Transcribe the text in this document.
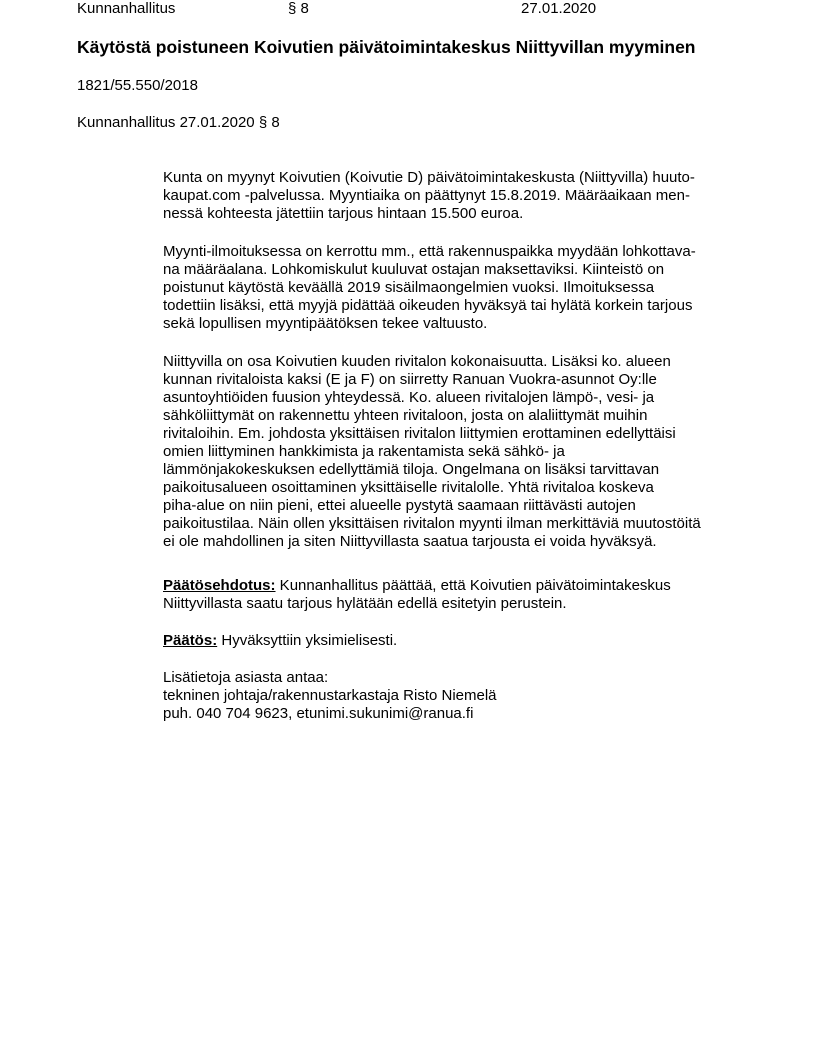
Kunnanhallitus	§ 8	27.01.2020
Käytöstä poistuneen Koivutien päivätoimintakeskus Niittyvillan myyminen
1821/55.550/2018
Kunnanhallitus 27.01.2020 § 8
Kunta on myynyt Koivutien (Koivutie D) päivätoimintakeskusta (Niittyvilla) huuto-
kaupat.com -palvelussa. Myyntiaika on päättynyt 15.8.2019. Määräaikaan men-
nessä kohteesta jätettiin tarjous hintaan 15.500 euroa.
Myynti-ilmoituksessa on kerrottu mm., että rakennuspaikka myydään lohkottava-
na määräalana. Lohkomiskulut kuuluvat ostajan maksettaviksi. Kiinteistö on
poistunut käytöstä keväällä 2019 sisäilmaongelmien vuoksi. Ilmoituksessa
todettiin lisäksi, että myyjä pidättää oikeuden hyväksyä tai hylätä korkein tarjous
sekä lopullisen myyntipäätöksen tekee valtuusto.
Niittyvilla on osa Koivutien kuuden rivitalon kokonaisuutta. Lisäksi ko. alueen
kunnan rivitaloista kaksi (E ja F) on siirretty Ranuan Vuokra-asunnot Oy:lle
asuntoyhtiöiden fuusion yhteydessä. Ko. alueen rivitalojen lämpö-, vesi- ja
sähköliittymät on rakennettu yhteen rivitaloon, josta on alaliittymät muihin
rivitaloihin. Em. johdosta yksittäisen rivitalon liittymien erottaminen edellyttäisi
omien liittyminen hankkimista ja rakentamista sekä sähkö- ja
lämmönjakokeskuksen edellyttämiä tiloja. Ongelmana on lisäksi tarvittavan
paikoitusalueen osoittaminen yksittäiselle rivitalolle. Yhtä rivitaloa koskeva
piha-alue on niin pieni, ettei alueelle pystytä saamaan riittävästi autojen
paikoitustilaa. Näin ollen yksittäisen rivitalon myynti ilman merkittäviä muutostöitä
ei ole mahdollinen ja siten Niittyvillasta saatua tarjousta ei voida hyväksyä.
Päätösehdotus: Kunnanhallitus päättää, että Koivutien päivätoimintakeskus
Niittyvillasta saatu tarjous hylätään edellä esitetyin perustein.
Päätös: Hyväksyttiin yksimielisesti.
Lisätietoja asiasta antaa:
tekninen johtaja/rakennustarkastaja Risto Niemelä
puh. 040 704 9623, etunimi.sukunimi@ranua.fi
